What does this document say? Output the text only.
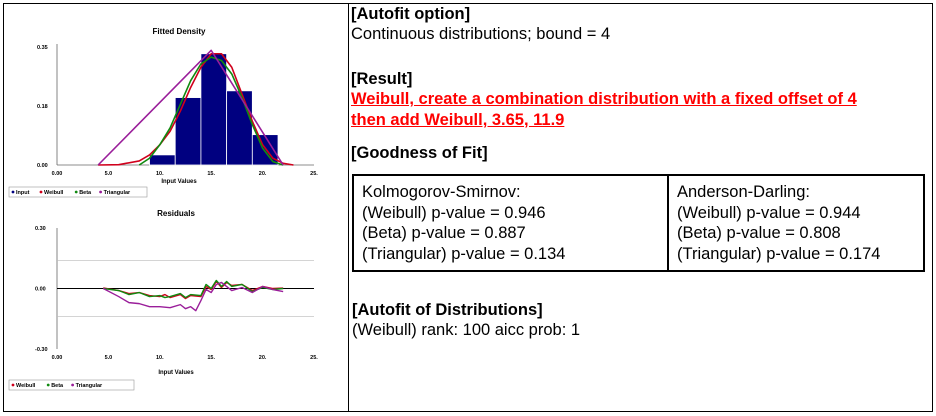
Fitted Density
Input Values
0.35
0.18
0.00
0.00	5.0	10.	15.	20.	25.
Input	Weibull	Beta Triangular
Residuals
Input Values
0.30
0.00
-0.30
0.00	5.0	10.	15.	20.	25.
Weibull	Beta Triangular
[Autofit option]
Continuous distributions; bound = 4
[Result]
Weibull, create a combination distribution with a fixed offset of 4
then add Weibull, 3.65, 11.9
[Goodness of Fit]
Kolmogorov-Smirnov:
(Weibull) p-value = 0.946
(Beta) p-value = 0.887
(Triangular) p-value = 0.134
Anderson-Darling:
(Weibull) p-value = 0.944
(Beta) p-value = 0.808
(Triangular) p-value = 0.174
[Autofit of Distributions]
(Weibull) rank: 100 aicc prob: 1
